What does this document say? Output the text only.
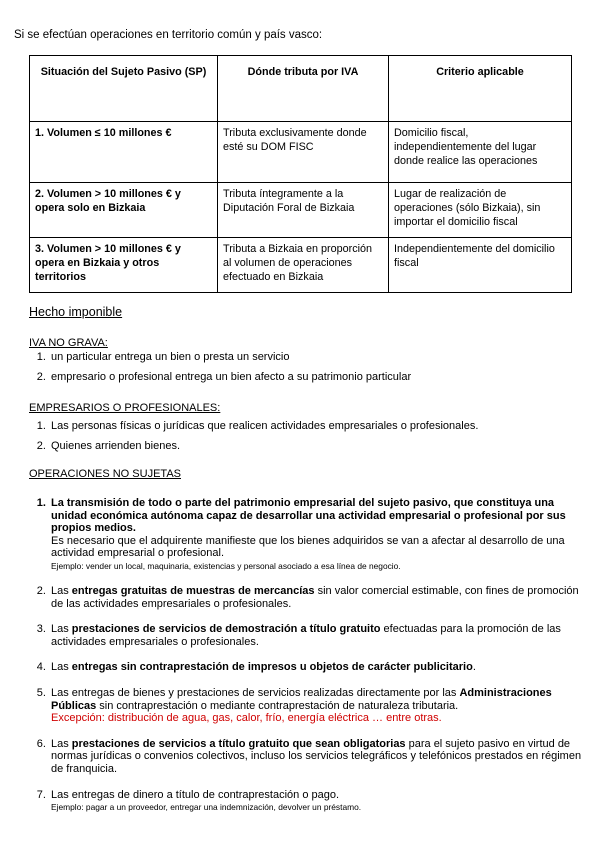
Si se efectúan operaciones en territorio común y país vasco:
Situación del Sujeto Pasivo (SP)	Dónde tributa por IVA	Criterio aplicable
1. Volumen ≤ 10 millones €	Tributa exclusivamente donde esté su DOM FISC	Domicilio fiscal, independientemente del lugar donde realice las operaciones
2. Volumen > 10 millones € y opera solo en Bizkaia	Tributa íntegramente a la Diputación Foral de Bizkaia	Lugar de realización de operaciones (sólo Bizkaia), sin importar el domicilio fiscal
3. Volumen > 10 millones € y opera en Bizkaia y otros territorios	Tributa a Bizkaia en proporción al volumen de operaciones efectuado en Bizkaia	Independientemente del domicilio fiscal
Hecho imponible
IVA NO GRAVA:
1. un particular entrega un bien o presta un servicio
2. empresario o profesional entrega un bien afecto a su patrimonio particular
EMPRESARIOS O PROFESIONALES:
1. Las personas físicas o jurídicas que realicen actividades empresariales o profesionales.
2. Quienes arrienden bienes.
OPERACIONES NO SUJETAS
1. La transmisión de todo o parte del patrimonio empresarial del sujeto pasivo, que constituya una unidad económica autónoma capaz de desarrollar una actividad empresarial o profesional por sus propios medios.
Es necesario que el adquirente manifieste que los bienes adquiridos se van a afectar al desarrollo de una actividad empresarial o profesional.
Ejemplo: vender un local, maquinaria, existencias y personal asociado a esa línea de negocio.
2. Las entregas gratuitas de muestras de mercancías sin valor comercial estimable, con fines de promoción de las actividades empresariales o profesionales.
3. Las prestaciones de servicios de demostración a título gratuito efectuadas para la promoción de las actividades empresariales o profesionales.
4. Las entregas sin contraprestación de impresos u objetos de carácter publicitario.
5. Las entregas de bienes y prestaciones de servicios realizadas directamente por las Administraciones Públicas sin contraprestación o mediante contraprestación de naturaleza tributaria.
Excepción: distribución de agua, gas, calor, frío, energía eléctrica … entre otras.
6. Las prestaciones de servicios a título gratuito que sean obligatorias para el sujeto pasivo en virtud de normas jurídicas o convenios colectivos, incluso los servicios telegráficos y telefónicos prestados en régimen de franquicia.
7. Las entregas de dinero a título de contraprestación o pago.
Ejemplo: pagar a un proveedor, entregar una indemnización, devolver un préstamo.
